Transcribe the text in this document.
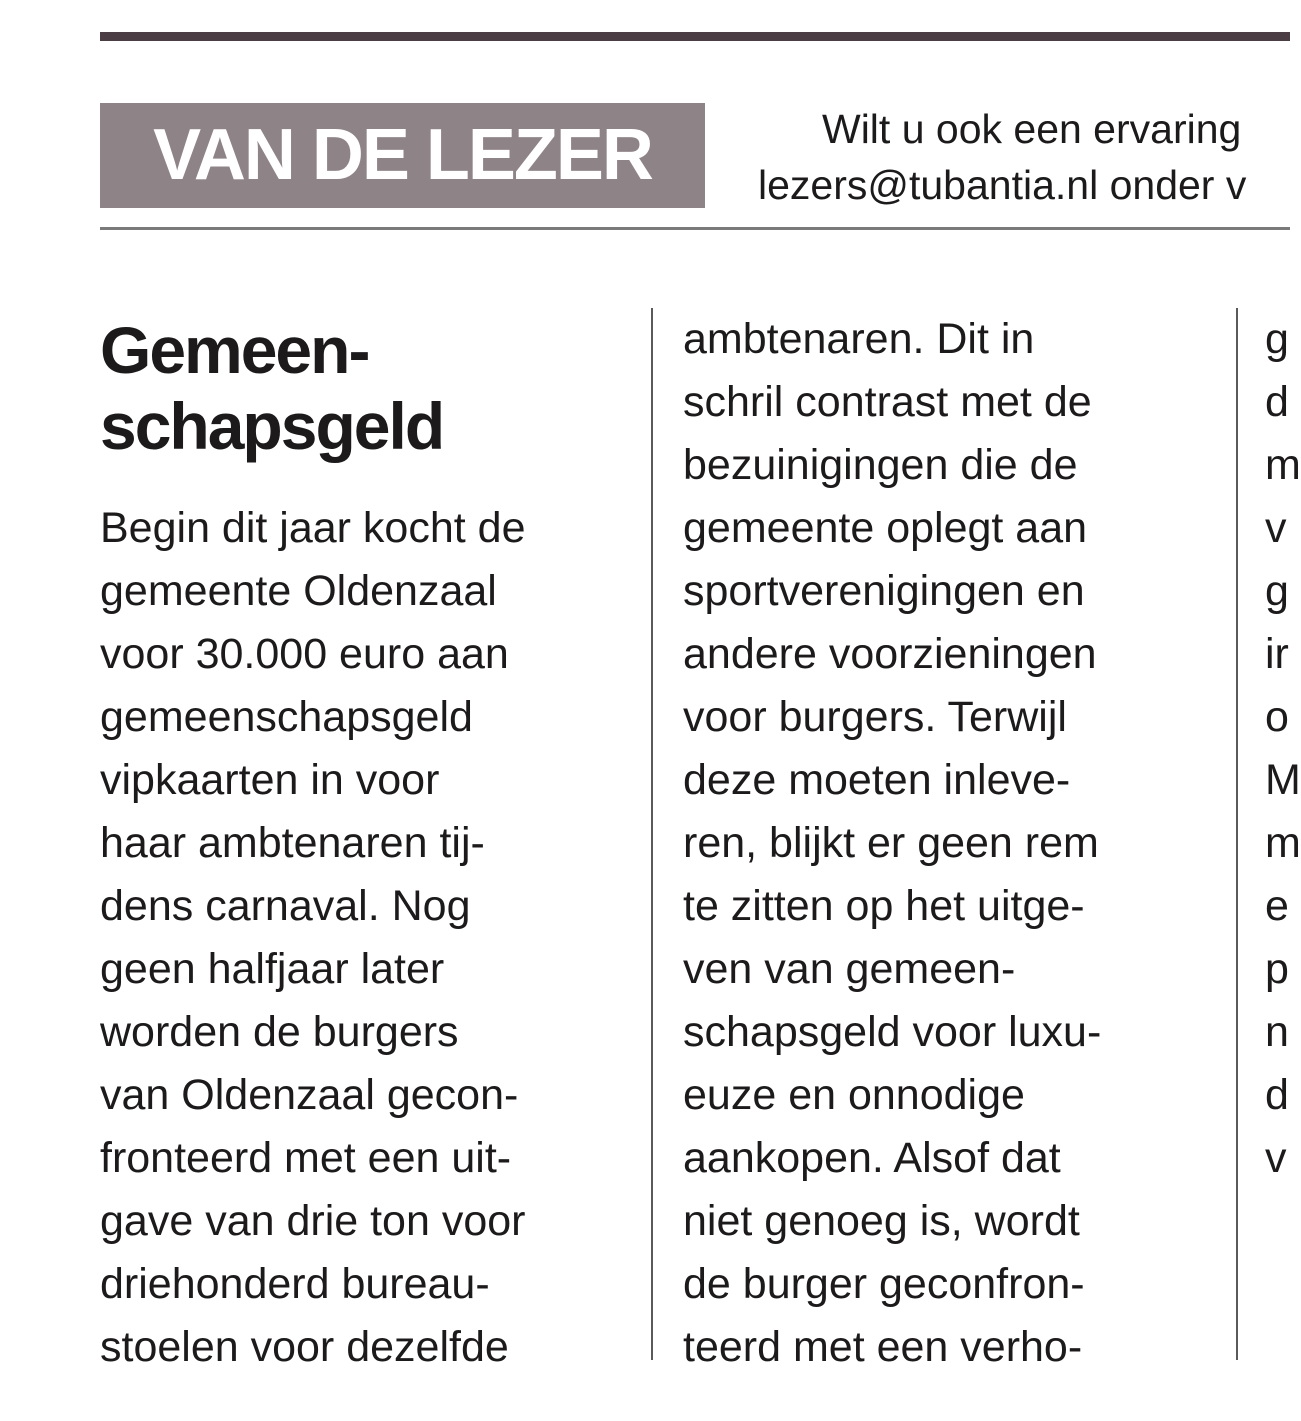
VAN DE LEZER	Wilt u ook een ervaring
lezers@tubantia.nl onder v
Gemeen-
schapsgeld
Begin dit jaar kocht de
gemeente Oldenzaal
voor 30.000 euro aan
gemeenschapsgeld
vipkaarten in voor
haar ambtenaren tij-
dens carnaval. Nog
geen halfjaar later
worden de burgers
van Oldenzaal gecon-
fronteerd met een uit-
gave van drie ton voor
driehonderd bureau-
stoelen voor dezelfde
ambtenaren. Dit in
schril contrast met de
bezuinigingen die de
gemeente oplegt aan
sportverenigingen en
andere voorzieningen
voor burgers. Terwijl
deze moeten inleve-
ren, blijkt er geen rem
te zitten op het uitge-
ven van gemeen-
schapsgeld voor luxu-
euze en onnodige
aankopen. Alsof dat
niet genoeg is, wordt
de burger geconfron-
teerd met een verho-
g
d
m
v
g
ir
o
M
m
e
p
n
d
v
